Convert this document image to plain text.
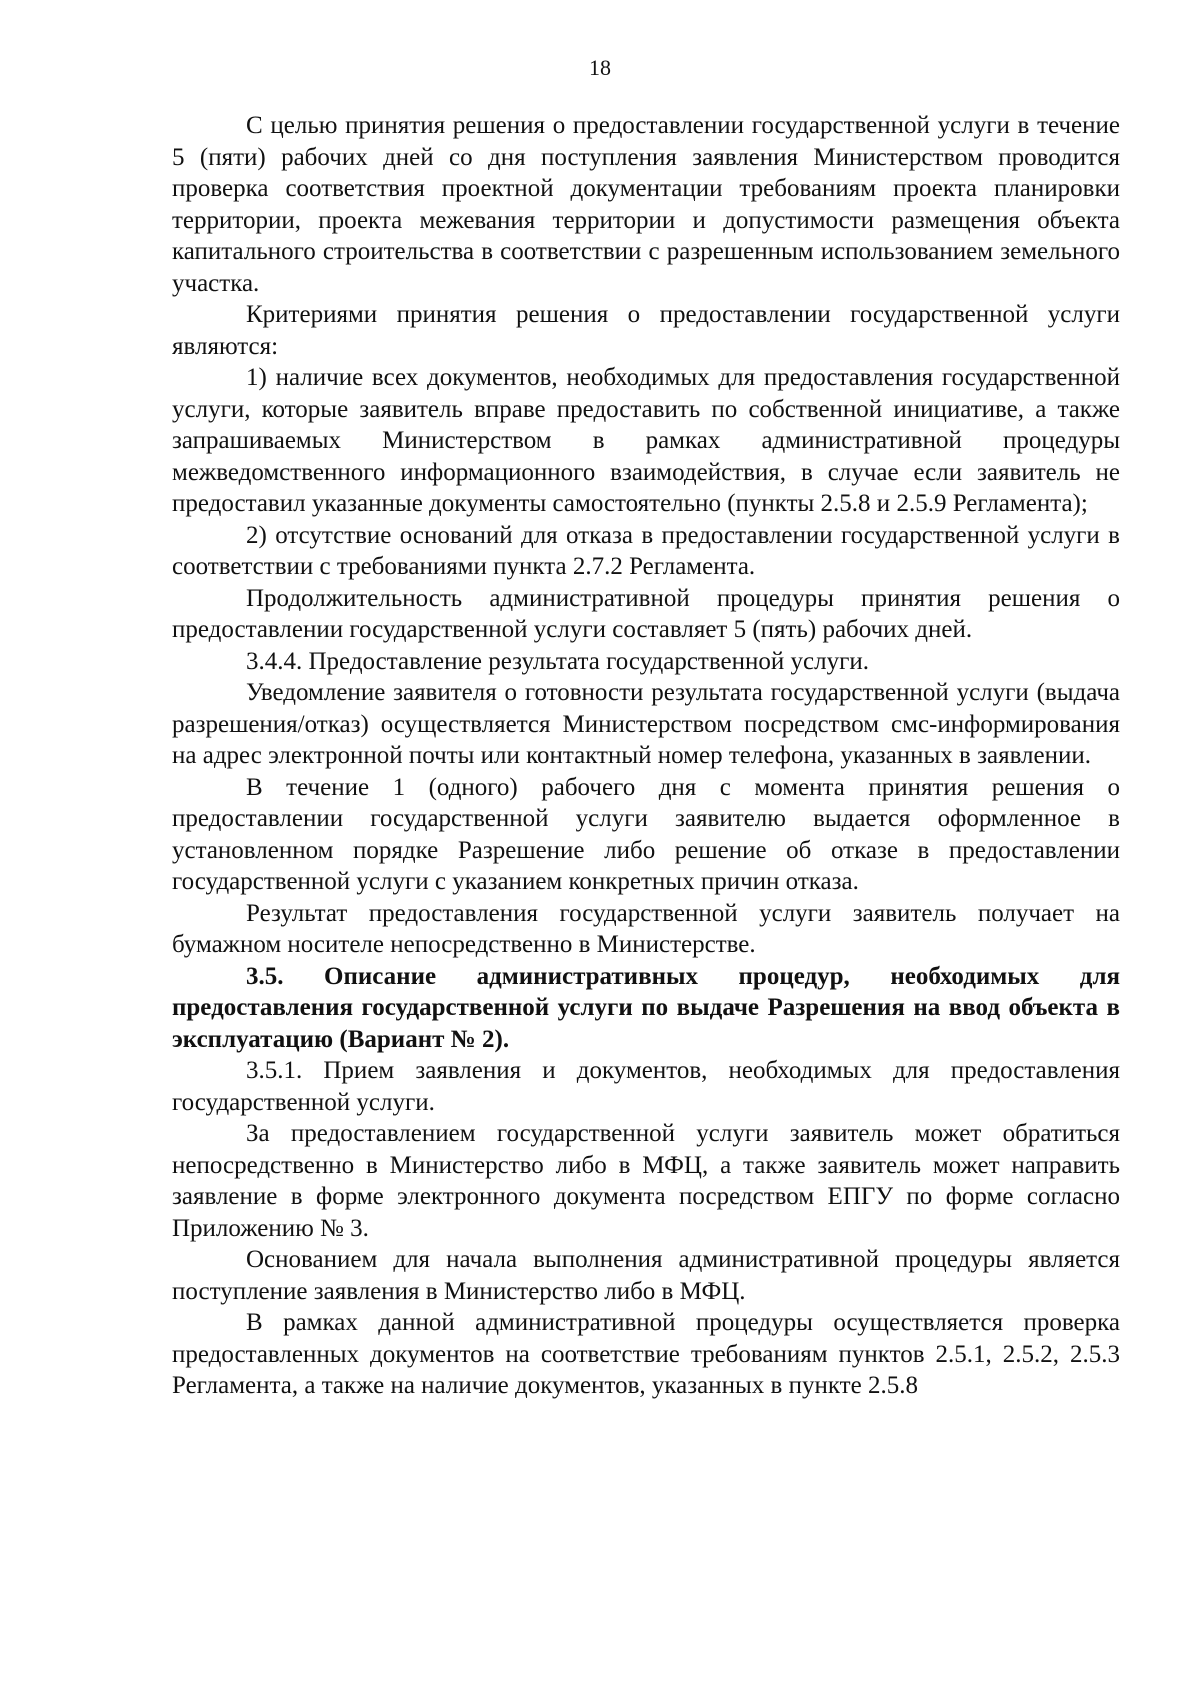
18

С целью принятия решения о предоставлении государственной услуги в течение 5 (пяти) рабочих дней со дня поступления заявления Министерством проводится проверка соответствия проектной документации требованиям проекта планировки территории, проекта межевания территории и допустимости размещения объекта капитального строительства в соответствии с разрешенным использованием земельного участка.

Критериями принятия решения о предоставлении государственной услуги являются:

1) наличие всех документов, необходимых для предоставления государственной услуги, которые заявитель вправе предоставить по собственной инициативе, а также запрашиваемых Министерством в рамках административной процедуры межведомственного информационного взаимодействия, в случае если заявитель не предоставил указанные документы самостоятельно (пункты 2.5.8 и 2.5.9 Регламента);

2) отсутствие оснований для отказа в предоставлении государственной услуги в соответствии с требованиями пункта 2.7.2 Регламента.

Продолжительность административной процедуры принятия решения о предоставлении государственной услуги составляет 5 (пять) рабочих дней.

3.4.4. Предоставление результата государственной услуги.

Уведомление заявителя о готовности результата государственной услуги (выдача разрешения/отказ) осуществляется Министерством посредством смс-информирования на адрес электронной почты или контактный номер телефона, указанных в заявлении.

В течение 1 (одного) рабочего дня с момента принятия решения о предоставлении государственной услуги заявителю выдается оформленное в установленном порядке Разрешение либо решение об отказе в предоставлении государственной услуги с указанием конкретных причин отказа.

Результат предоставления государственной услуги заявитель получает на бумажном носителе непосредственно в Министерстве.

3.5. Описание административных процедур, необходимых для предоставления государственной услуги по выдаче Разрешения на ввод объекта в эксплуатацию (Вариант № 2).

3.5.1. Прием заявления и документов, необходимых для предоставления государственной услуги.

За предоставлением государственной услуги заявитель может обратиться непосредственно в Министерство либо в МФЦ, а также заявитель может направить заявление в форме электронного документа посредством ЕПГУ по форме согласно Приложению № 3.

Основанием для начала выполнения административной процедуры является поступление заявления в Министерство либо в МФЦ.

В рамках данной административной процедуры осуществляется проверка предоставленных документов на соответствие требованиям пунктов 2.5.1, 2.5.2, 2.5.3 Регламента, а также на наличие документов, указанных в пункте 2.5.8
